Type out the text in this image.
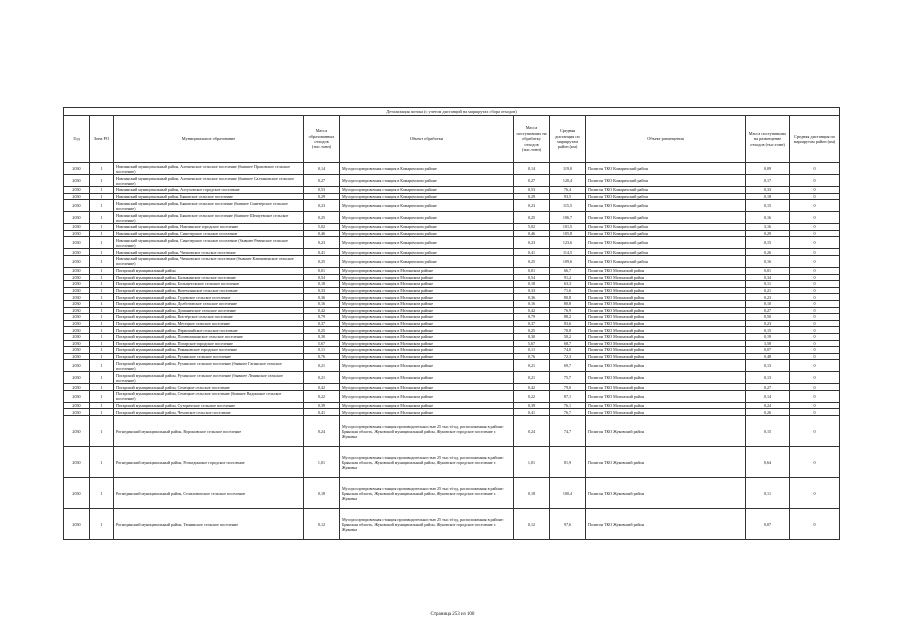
Детализация потока (с учетом дистанций на маршрутах сбора отходов)									
Год	Зона РО	Муниципальное образование	Масса образованных отходов (тыс.тонн)	Объект обработки	Масса поступивших на обработку отходов (тыс.тонн)	Средняя дистанция по маршрутам район (км)	Объект размещения	Масса поступивших на размещение отходов (тыс.тонн)	Средняя дистанция по маршрутам район (км)
2030	1	Навлинский муниципальный район, Алешенское сельское поселение (бывшее Праховское сельское поселение)	0,14	Мусоросортировочная станция в Комаричском районе	0,14	119,0	Полигон ТКО Комаричский район	0,09	0
2030	1	Навлинский муниципальный район, Алешенское сельское поселение (бывшее Салтановское сельское поселение)	0,27	Мусоросортировочная станция в Комаричском районе	0,27	120,4	Полигон ТКО Комаричский район	0,17	0
2030	1	Навлинский муниципальный район, Алтуховское городское поселение	0,53	Мусоросортировочная станция в Комаричском районе	0,53	76,4	Полигон ТКО Комаричский район	0,33	0
2030	1	Навлинский муниципальный район, Бяковское сельское поселение	0,29	Мусоросортировочная станция в Комаричском районе	0,29	93,5	Полигон ТКО Комаричский район	0,18	0
2030	1	Навлинский муниципальный район, Бяковское сельское поселение (бывшее Синезерское сельское поселение)	0,23	Мусоросортировочная станция в Комаричском районе	0,23	115,5	Полигон ТКО Комаричский район	0,15	0
2030	1	Навлинский муниципальный район, Бяковское сельское поселение (бывшее Шешуевское сельское поселение)	0,25	Мусоросортировочная станция в Комаричском районе	0,25	106,7	Полигон ТКО Комаричский район	0,16	0
2030	1	Навлинский муниципальный район, Навлинское городское поселение	5,02	Мусоросортировочная станция в Комаричском районе	5,02	101,5	Полигон ТКО Комаричский район	3,16	0
2030	1	Навлинский муниципальный район, Синезерское сельское поселение	0,46	Мусоросортировочная станция в Комаричском районе	0,46	105,8	Полигон ТКО Комаричский район	0,29	0
2030	1	Навлинский муниципальный район, Синезерское сельское поселение (бывшее Ревенское сельское поселение)	0,23	Мусоросортировочная станция в Комаричском районе	0,23	123,6	Полигон ТКО Комаричский район	0,15	0
2030	1	Навлинский муниципальный район, Чичковское сельское поселение	0,41	Мусоросортировочная станция в Комаричском районе	0,41	114,5	Полигон ТКО Комаричский район	0,26	0
2030	1	Навлинский муниципальный район, Чичковское сельское поселение (бывшее Клюковенское сельское поселение)	0,25	Мусоросортировочная станция в Комаричском районе	0,25	109,6	Полигон ТКО Комаричский район	0,16	0
2030	1	Погарский муниципальный район	0,01	Мусоросортировочная станция в Мглинском районе	0,01	66,7	Полигон ТКО Мглинский район	0,01	0
2030	1	Погарский муниципальный район, Балыкинское сельское поселение	0,54	Мусоросортировочная станция в Мглинском районе	0,54	91,2	Полигон ТКО Мглинский район	0,34	0
2030	1	Погарский муниципальный район, Больщеескское сельское поселение	0,18	Мусоросортировочная станция в Мглинском районе	0,18	63,3	Полигон ТКО Мглинский район	0,11	0
2030	1	Погарский муниципальный район, Витемлянское сельское поселение	0,33	Мусоросортировочная станция в Мглинском районе	0,33	71,6	Полигон ТКО Мглинский район	0,21	0
2030	1	Погарский муниципальный район, Гудовское сельское поселение	0,36	Мусоросортировочная станция в Мглинском районе	0,36	80,8	Полигон ТКО Мглинский район	0,23	0
2030	1	Погарский муниципальный район, Долботовское сельское поселение	0,16	Мусоросортировочная станция в Мглинском районе	0,16	80,8	Полигон ТКО Мглинский район	0,10	0
2030	1	Погарский муниципальный район, Доманичское сельское поселение	0,42	Мусоросортировочная станция в Мглинском районе	0,42	76,9	Полигон ТКО Мглинский район	0,27	0
2030	1	Погарский муниципальный район, Кистёрское сельское поселение	0,79	Мусоросортировочная станция в Мглинском районе	0,79	88,2	Полигон ТКО Мглинский район	0,50	0
2030	1	Погарский муниципальный район, Месецкое сельское поселение	0,37	Мусоросортировочная станция в Мглинском районе	0,37	83,6	Полигон ТКО Мглинский район	0,23	0
2030	1	Погарский муниципальный район, Первомайское сельское поселение	0,25	Мусоросортировочная станция в Мглинском районе	0,25	70,8	Полигон ТКО Мглинский район	0,15	0
2030	1	Погарский муниципальный район, Полевомшанское сельское поселение	0,30	Мусоросортировочная станция в Мглинском районе	0,30	50,2	Полигон ТКО Мглинский район	0,19	0
2030	1	Погарский муниципальный район, Погарское городское поселение	5,67	Мусоросортировочная станция в Мглинском районе	5,67	68,7	Полигон ТКО Мглинский район	3,58	0
2030	1	Погарский муниципальный район, Романовское городское поселение	0,11	Мусоросортировочная станция в Мглинском районе	0,11	74,0	Полигон ТКО Мглинский район	0,07	0
2030	1	Погарский муниципальный район, Рухинское сельское поселение	0,76	Мусоросортировочная станция в Мглинском районе	0,76	72,3	Полигон ТКО Мглинский район	0,48	0
2030	1	Погарский муниципальный район, Рухинское сельское поселение (бывшее Гагинское сельское поселение)	0,21	Мусоросортировочная станция в Мглинском районе	0,21	69,7	Полигон ТКО Мглинский район	0,13	0
2030	1	Погарский муниципальный район, Рухинское сельское поселение (бывшее Ленинское сельское поселение)	0,21	Мусоросортировочная станция в Мглинском районе	0,21	75,7	Полигон ТКО Мглинский район	0,13	0
2030	1	Погарский муниципальный район, Семецкое сельское поселение	0,42	Мусоросортировочная станция в Мглинском районе	0,42	79,0	Полигон ТКО Мглинский район	0,27	0
2030	1	Погарский муниципальный район, Семецкое сельское поселение (бывшее Вадинское сельское поселение)	0,22	Мусоросортировочная станция в Мглинском районе	0,22	87,1	Полигон ТКО Мглинский район	0,14	0
2030	1	Погарский муниципальный район, Суторичское сельское поселение	0,39	Мусоросортировочная станция в Мглинском районе	0,39	76,1	Полигон ТКО Мглинский район	0,24	0
2030	1	Погарский муниципальный район, Чеховское сельское поселение	0,41	Мусоросортировочная станция в Мглинском районе	0,41	76,7	Полигон ТКО Мглинский район	0,26	0
2030	1	Рогнединский муниципальный район, Вороновское сельское поселение	0,24	Мусоросортировочная станция производительностью 25 тыс.т/год, расположенная в районе: Брянская область, Жуковский муниципальный район, Жуковское городское поселение г. Жуковка	0,24	74,7	Полигон ТКО Жуковский район	0,15	0
2030	1	Рогнединский муниципальный район, Рогнединское городское поселение	1,01	Мусоросортировочная станция производительностью 25 тыс.т/год, расположенная в районе: Брянская область, Жуковский муниципальный район, Жуковское городское поселение г. Жуковка	1,01	81,9	Полигон ТКО Жуковский район	0,64	0
2030	1	Рогнединский муниципальный район, Селиловичское сельское поселение	0,18	Мусоросортировочная станция производительностью 25 тыс.т/год, расположенная в районе: Брянская область, Жуковский муниципальный район, Жуковское городское поселение г. Жуковка	0,18	100,4	Полигон ТКО Жуковский район	0,11	0
2030	1	Рогнединский муниципальный район, Тюнинское сельское поселение	0,12	Мусоросортировочная станция производительностью 25 тыс.т/год, расположенная в районе: Брянская область, Жуковский муниципальный район, Жуковское городское поселение г. Жуковка	0,12	97,6	Полигон ТКО Жуковский район	0,07	0
Страница 253 из 100
